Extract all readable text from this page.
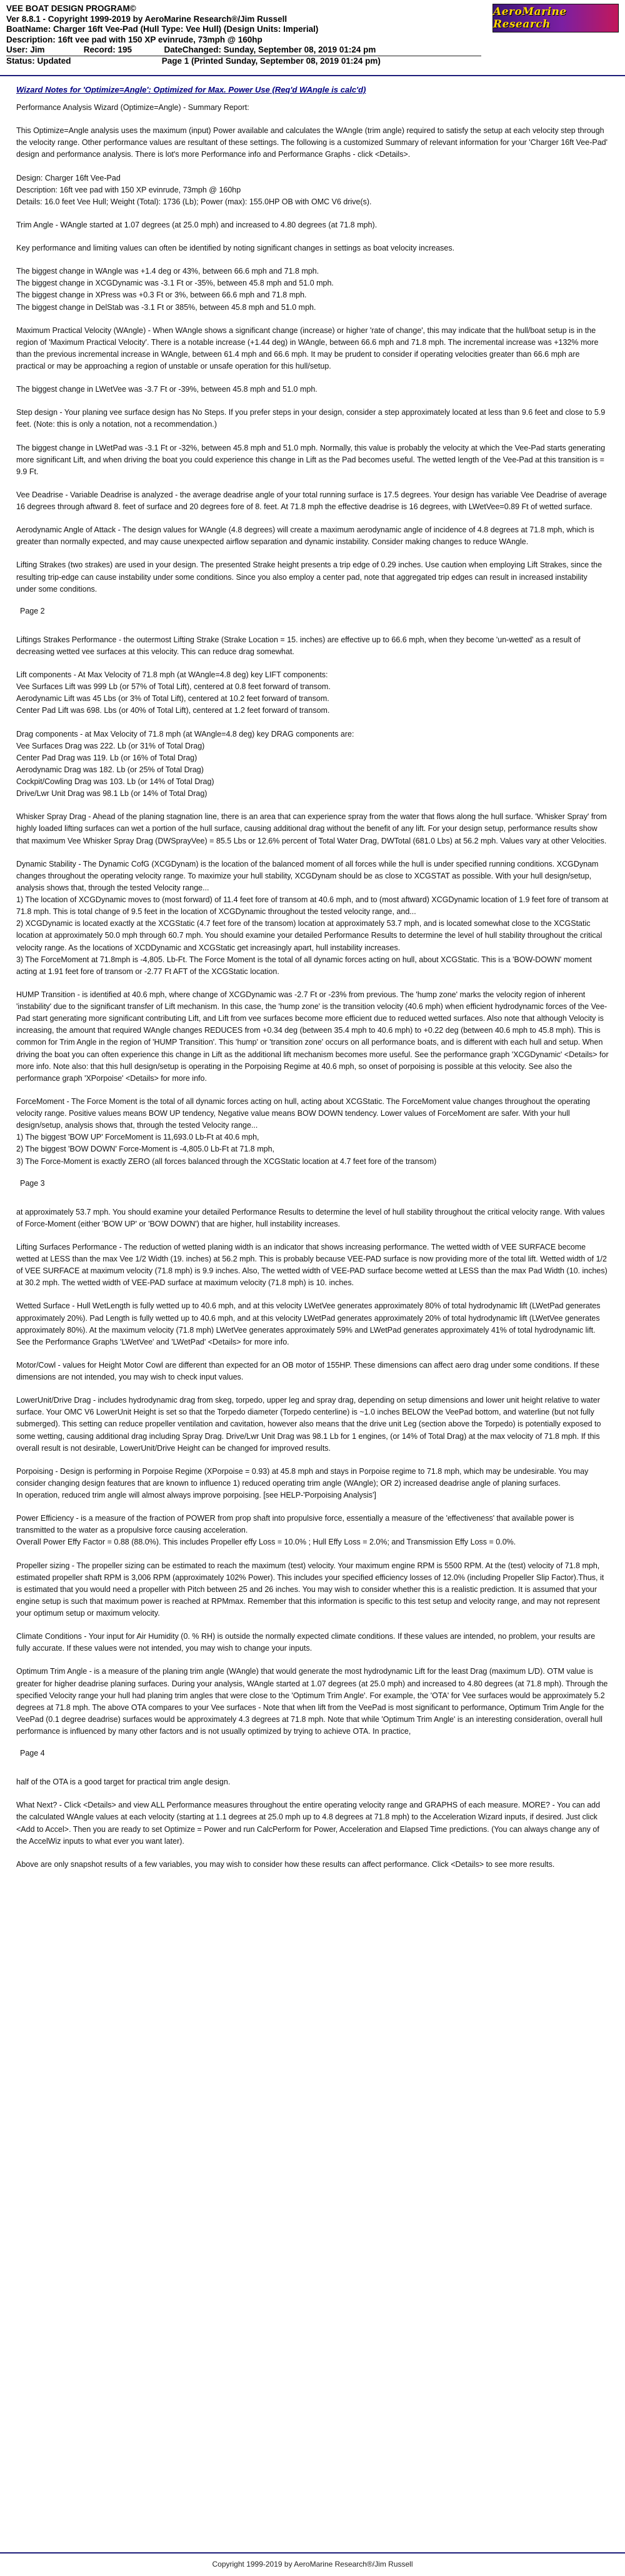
VEE BOAT DESIGN PROGRAM©
Ver 8.8.1 - Copyright 1999-2019 by AeroMarine Research®/Jim Russell
BoatName: Charger 16ft Vee-Pad (Hull Type: Vee Hull) (Design Units: Imperial)
Description: 16ft vee pad with 150 XP evinrude, 73mph @ 160hp
User: Jim	Record: 195	DateChanged: Sunday, September 08, 2019 01:24 pm
Status: Updated	Page 1 (Printed Sunday, September 08, 2019 01:24 pm)
AeroMarine Research
Wizard Notes for 'Optimize=Angle': Optimized for Max. Power Use (Req'd WAngle is calc'd)

Performance Analysis Wizard (Optimize=Angle) - Summary Report:

This Optimize=Angle analysis uses the maximum (input) Power available and calculates the WAngle (trim angle) required to satisfy the setup at each velocity step through the velocity range. Other performance values are resultant of these settings. The following is a customized Summary of relevant information for your 'Charger 16ft Vee-Pad' design and performance analysis. There is lot's more Performance info and Performance Graphs - click <Details>.

Design: Charger 16ft Vee-Pad
Description: 16ft vee pad with 150 XP evinrude, 73mph @ 160hp
Details: 16.0 feet Vee Hull; Weight (Total): 1736 (Lb); Power (max): 155.0HP OB with OMC V6 drive(s).

Trim Angle - WAngle started at 1.07 degrees (at 25.0 mph) and increased to 4.80 degrees (at 71.8 mph).

Key performance and limiting values can often be identified by noting significant changes in settings as boat velocity increases.

The biggest change in WAngle was +1.4 deg or 43%, between 66.6 mph and 71.8 mph.
The biggest change in XCGDynamic was -3.1 Ft or -35%, between 45.8 mph and 51.0 mph.
The biggest change in XPress was +0.3 Ft or 3%, between 66.6 mph and 71.8 mph.
The biggest change in DelStab was -3.1 Ft or 385%, between 45.8 mph and 51.0 mph.

Maximum Practical Velocity (WAngle) - When WAngle shows a significant change (increase) or higher 'rate of change', this may indicate that the hull/boat setup is in the region of 'Maximum Practical Velocity'. There is a notable increase (+1.44 deg) in WAngle, between 66.6 mph and 71.8 mph. The incremental increase was +132% more than the previous incremental increase in WAngle, between 61.4 mph and 66.6 mph. It may be prudent to consider if operating velocities greater than 66.6 mph are practical or may be approaching a region of unstable or unsafe operation for this hull/setup.

The biggest change in LWetVee was -3.7 Ft or -39%, between 45.8 mph and 51.0 mph.

Step design - Your planing vee surface design has No Steps. If you prefer steps in your design, consider a step approximately located at less than 9.6 feet and close to 5.9 feet. (Note: this is only a notation, not a recommendation.)

The biggest change in LWetPad was -3.1 Ft or -32%, between 45.8 mph and 51.0 mph. Normally, this value is probably the velocity at which the Vee-Pad starts generating more significant Lift, and when driving the boat you could experience this change in Lift as the Pad becomes useful. The wetted length of the Vee-Pad at this transition is = 9.9 Ft.

Vee Deadrise - Variable Deadrise is analyzed - the average deadrise angle of your total running surface is 17.5 degrees. Your design has variable Vee Deadrise of average 16 degrees through aftward 8. feet of surface and 20 degrees fore of 8. feet. At 71.8 mph the effective deadrise is 16 degrees, with LWetVee=0.89 Ft of wetted surface.

Aerodynamic Angle of Attack - The design values for WAngle (4.8 degrees) will create a maximum aerodynamic angle of incidence of 4.8 degrees at 71.8 mph, which is greater than normally expected, and may cause unexpected airflow separation and dynamic instability. Consider making changes to reduce WAngle.

Lifting Strakes (two strakes) are used in your design. The presented Strake height presents a trip edge of 0.29 inches. Use caution when employing Lift Strakes, since the resulting trip-edge can cause instability under some conditions. Since you also employ a center pad, note that aggregated trip edges can result in increased instability under some conditions.

Page 2

Liftings Strakes Performance - the outermost Lifting Strake (Strake Location = 15. inches) are effective up to 66.6 mph, when they become 'un-wetted' as a result of decreasing wetted vee surfaces at this velocity. This can reduce drag somewhat.

Lift components - At Max Velocity of 71.8 mph (at WAngle=4.8 deg) key LIFT components:
Vee Surfaces Lift was 999 Lb (or 57% of Total Lift), centered at 0.8 feet forward of transom.
Aerodynamic Lift was 45 Lbs (or 3% of Total Lift), centered at 10.2 feet forward of transom.
Center Pad Lift was 698. Lbs (or 40% of Total Lift), centered at 1.2 feet forward of transom.

Drag components - at Max Velocity of 71.8 mph (at WAngle=4.8 deg) key DRAG components are:
Vee Surfaces Drag was 222. Lb (or 31% of Total Drag)
Center Pad Drag was 119. Lb (or 16% of Total Drag)
Aerodynamic Drag was 182. Lb (or 25% of Total Drag)
Cockpit/Cowling Drag was 103. Lb (or 14% of Total Drag)
Drive/Lwr Unit Drag was 98.1 Lb (or 14% of Total Drag)

Whisker Spray Drag - Ahead of the planing stagnation line, there is an area that can experience spray from the water that flows along the hull surface. 'Whisker Spray' from highly loaded lifting surfaces can wet a portion of the hull surface, causing additional drag without the benefit of any lift. For your design setup, performance results show that maximum Vee Whisker Spray Drag (DWSprayVee) = 85.5 Lbs or 12.6% percent of Total Water Drag, DWTotal (681.0 Lbs) at 56.2 mph. Values vary at other Velocities.

Dynamic Stability - The Dynamic CofG (XCGDynam) is the location of the balanced moment of all forces while the hull is under specified running conditions. XCGDynam changes throughout the operating velocity range. To maximize your hull stability, XCGDynam should be as close to XCGSTAT as possible. With your hull design/setup, analysis shows that, through the tested Velocity range...
1) The location of XCGDynamic moves to (most forward) of 11.4 feet fore of transom at 40.6 mph, and to (most aftward) XCGDynamic location of 1.9 feet fore of transom at 71.8 mph. This is total change of 9.5 feet in the location of XCGDynamic throughout the tested velocity range, and...
2) XCGDynamic is located exactly at the XCGStatic (4.7 feet fore of the transom) location at approximately 53.7 mph, and is located somewhat close to the XCGStatic location at approximately 50.0 mph through 60.7 mph. You should examine your detailed Performance Results to determine the level of hull stability throughout the critical velocity range. As the locations of XCDDynamic and XCGStatic get increasingly apart, hull instability increases.
3) The ForceMoment at 71.8mph is -4,805. Lb-Ft. The Force Moment is the total of all dynamic forces acting on hull, about XCGStatic. This is a 'BOW-DOWN' moment acting at 1.91 feet fore of transom or -2.77 Ft AFT of the XCGStatic location.

HUMP Transition - is identified at 40.6 mph, where change of XCGDynamic was -2.7 Ft or -23% from previous. The 'hump zone' marks the velocity region of inherent 'instability' due to the significant transfer of Lift mechanism. In this case, the 'hump zone' is the transition velocity (40.6 mph) when efficient hydrodynamic forces of the Vee-Pad start generating more significant contributing Lift, and Lift from vee surfaces become more efficient due to reduced wetted surfaces. Also note that although Velocity is increasing, the amount that required WAngle changes REDUCES from +0.34 deg (between 35.4 mph to 40.6 mph) to +0.22 deg (between 40.6 mph to 45.8 mph). This is common for Trim Angle in the region of 'HUMP Transition'. This 'hump' or 'transition zone' occurs on all performance boats, and is different with each hull and setup. When driving the boat you can often experience this change in Lift as the additional lift mechanism becomes more useful. See the performance graph 'XCGDynamic' <Details> for more info. Note also: that this hull design/setup is operating in the Porpoising Regime at 40.6 mph, so onset of porpoising is possible at this velocity. See also the performance graph 'XPorpoise' <Details> for more info.

ForceMoment - The Force Moment is the total of all dynamic forces acting on hull, acting about XCGStatic. The ForceMoment value changes throughout the operating velocity range. Positive values means BOW UP tendency, Negative value means BOW DOWN tendency. Lower values of ForceMoment are safer. With your hull design/setup, analysis shows that, through the tested Velocity range...
1) The biggest 'BOW UP' ForceMoment is 11,693.0 Lb-Ft at 40.6 mph,
2) The biggest 'BOW DOWN' Force-Moment is -4,805.0 Lb-Ft at 71.8 mph,
3) The Force-Moment is exactly ZERO (all forces balanced through the XCGStatic location at 4.7 feet fore of the transom)

Page 3

at approximately 53.7 mph. You should examine your detailed Performance Results to determine the level of hull stability throughout the critical velocity range. With values of Force-Moment (either 'BOW UP' or 'BOW DOWN') that are higher, hull instability increases.

Lifting Surfaces Performance - The reduction of wetted planing width is an indicator that shows increasing performance. The wetted width of VEE SURFACE become wetted at LESS than the max Vee 1/2 Width (19. inches) at 56.2 mph. This is probably because VEE-PAD surface is now providing more of the total lift. Wetted width of 1/2 of VEE SURFACE at maximum velocity (71.8 mph) is 9.9 inches. Also, The wetted width of VEE-PAD surface become wetted at LESS than the max Pad Width (10. inches) at 30.2 mph. The wetted width of VEE-PAD surface at maximum velocity (71.8 mph) is 10. inches.

Wetted Surface - Hull WetLength is fully wetted up to 40.6 mph, and at this velocity LWetVee generates approximately 80% of total hydrodynamic lift (LWetPad generates approximately 20%). Pad Length is fully wetted up to 40.6 mph, and at this velocity LWetPad generates approximately 20% of total hydrodynamic lift (LWetVee generates approximately 80%). At the maximum velocity (71.8 mph) LWetVee generates approximately 59% and LWetPad generates approximately 41% of total hydrodynamic lift. See the Performance Graphs 'LWetVee' and 'LWetPad' <Details> for more info.

Motor/Cowl - values for Height Motor Cowl are different than expected for an OB motor of 155HP. These dimensions can affect aero drag under some conditions. If these dimensions are not intended, you may wish to check input values.

LowerUnit/Drive Drag - includes hydrodynamic drag from skeg, torpedo, upper leg and spray drag, depending on setup dimensions and lower unit height relative to water surface. Your OMC V6 LowerUnit Height is set so that the Torpedo diameter (Torpedo centerline) is ~1.0 inches BELOW the VeePad bottom, and waterline (but not fully submerged). This setting can reduce propeller ventilation and cavitation, however also means that the drive unit Leg (section above the Torpedo) is potentially exposed to some wetting, causing additional drag including Spray Drag. Drive/Lwr Unit Drag was 98.1 Lb for 1 engines, (or 14% of Total Drag) at the max velocity of 71.8 mph. If this overall result is not desirable, LowerUnit/Drive Height can be changed for improved results.

Porpoising - Design is performing in Porpoise Regime (XPorpoise = 0.93) at 45.8 mph and stays in Porpoise regime to 71.8 mph, which may be undesirable. You may consider changing design features that are known to influence 1) reduced operating trim angle (WAngle); OR 2) increased deadrise angle of planing surfaces.
In operation, reduced trim angle will almost always improve porpoising. [see HELP-'Porpoising Analysis']

Power Efficiency - is a measure of the fraction of POWER from prop shaft into propulsive force, essentially a measure of the 'effectiveness' that available power is transmitted to the water as a propulsive force causing acceleration.
Overall Power Effy Factor = 0.88 (88.0%). This includes Propeller effy Loss = 10.0% ; Hull Effy Loss = 2.0%; and Transmission Effy Loss = 0.0%.

Propeller sizing - The propeller sizing can be estimated to reach the maximum (test) velocity. Your maximum engine RPM is 5500 RPM. At the (test) velocity of 71.8 mph, estimated propeller shaft RPM is 3,006 RPM (approximately 102% Power). This includes your specified efficiency losses of 12.0% (including Propeller Slip Factor).Thus, it is estimated that you would need a propeller with Pitch between 25 and 26 inches. You may wish to consider whether this is a realistic prediction. It is assumed that your engine setup is such that maximum power is reached at RPMmax. Remember that this information is specific to this test setup and velocity range, and may not represent your optimum setup or maximum velocity.

Climate Conditions - Your input for Air Humidity (0. % RH) is outside the normally expected climate conditions. If these values are intended, no problem, your results are fully accurate. If these values were not intended, you may wish to change your inputs.

Optimum Trim Angle - is a measure of the planing trim angle (WAngle) that would generate the most hydrodynamic Lift for the least Drag (maximum L/D). OTM value is greater for higher deadrise planing surfaces. During your analysis, WAngle started at 1.07 degrees (at 25.0 mph) and increased to 4.80 degrees (at 71.8 mph). Through the specified Velocity range your hull had planing trim angles that were close to the 'Optimum Trim Angle'. For example, the 'OTA' for Vee surfaces would be approximately 5.2 degrees at 71.8 mph. The above OTA compares to your Vee surfaces - Note that when lift from the VeePad is most significant to performance, Optimum Trim Angle for the VeePad (0.1 degree deadrise) surfaces would be approximately 4.3 degrees at 71.8 mph. Note that while 'Optimum Trim Angle' is an interesting consideration, overall hull performance is influenced by many other factors and is not usually optimized by trying to achieve OTA. In practice,

Page 4

half of the OTA is a good target for practical trim angle design.

What Next? - Click <Details> and view ALL Performance measures throughout the entire operating velocity range and GRAPHS of each measure. MORE? - You can add the calculated WAngle values at each velocity (starting at 1.1 degrees at 25.0 mph up to 4.8 degrees at 71.8 mph) to the Acceleration Wizard inputs, if desired. Just click <Add to Accel>. Then you are ready to set Optimize = Power and run CalcPerform for Power, Acceleration and Elapsed Time predictions. (You can always change any of the AccelWiz inputs to what ever you want later).

Above are only snapshot results of a few variables, you may wish to consider how these results can affect performance. Click <Details> to see more results.

Copyright 1999-2019 by AeroMarine Research®/Jim Russell
